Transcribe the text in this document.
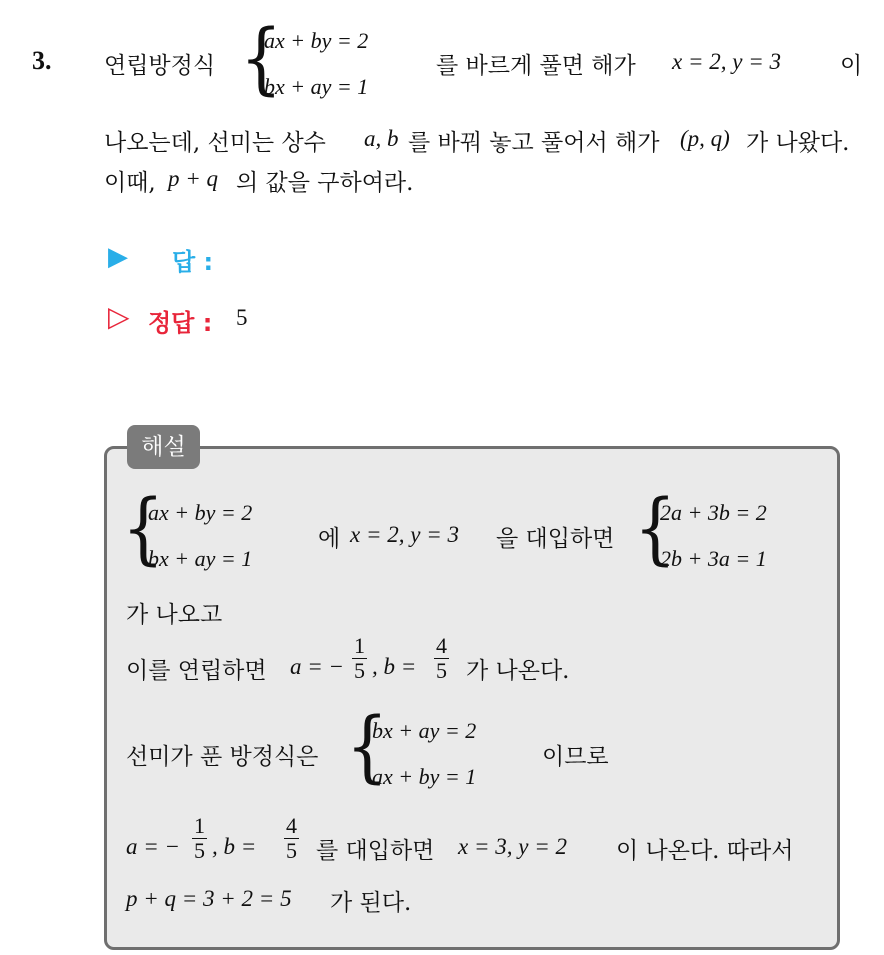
3. 연립방정식 {
ax + by = 2
bx + ay = 1
를 바르게 풀면 해가 x = 2, y = 3	이
나오는데, 선미는 상수 a, b 를 바꿔 놓고 풀어서 해가 (p, q) 가 나왔다.
이때, p + q 의 값을 구하여라.
▶ 답 :
▷ 정답 : 5
해설
{
ax + by = 2
bx + ay = 1
에 x = 2, y = 3 을 대입하면 {
2a + 3b = 2
2b + 3a = 1
가 나오고
이를 연립하면 a = − $\frac{1}{5}$ , $b = \frac{4}{5}$ 가 나온다.
선미가 푼 방정식은 {
bx + ay = 2
ax + by = 1
이므로
a = − $\frac{1}{5}$ , $b = \frac{4}{5}$ 를 대입하면 x = 3, y = 2 이 나온다. 따라서
p + q = 3 + 2 = 5 가 된다.
